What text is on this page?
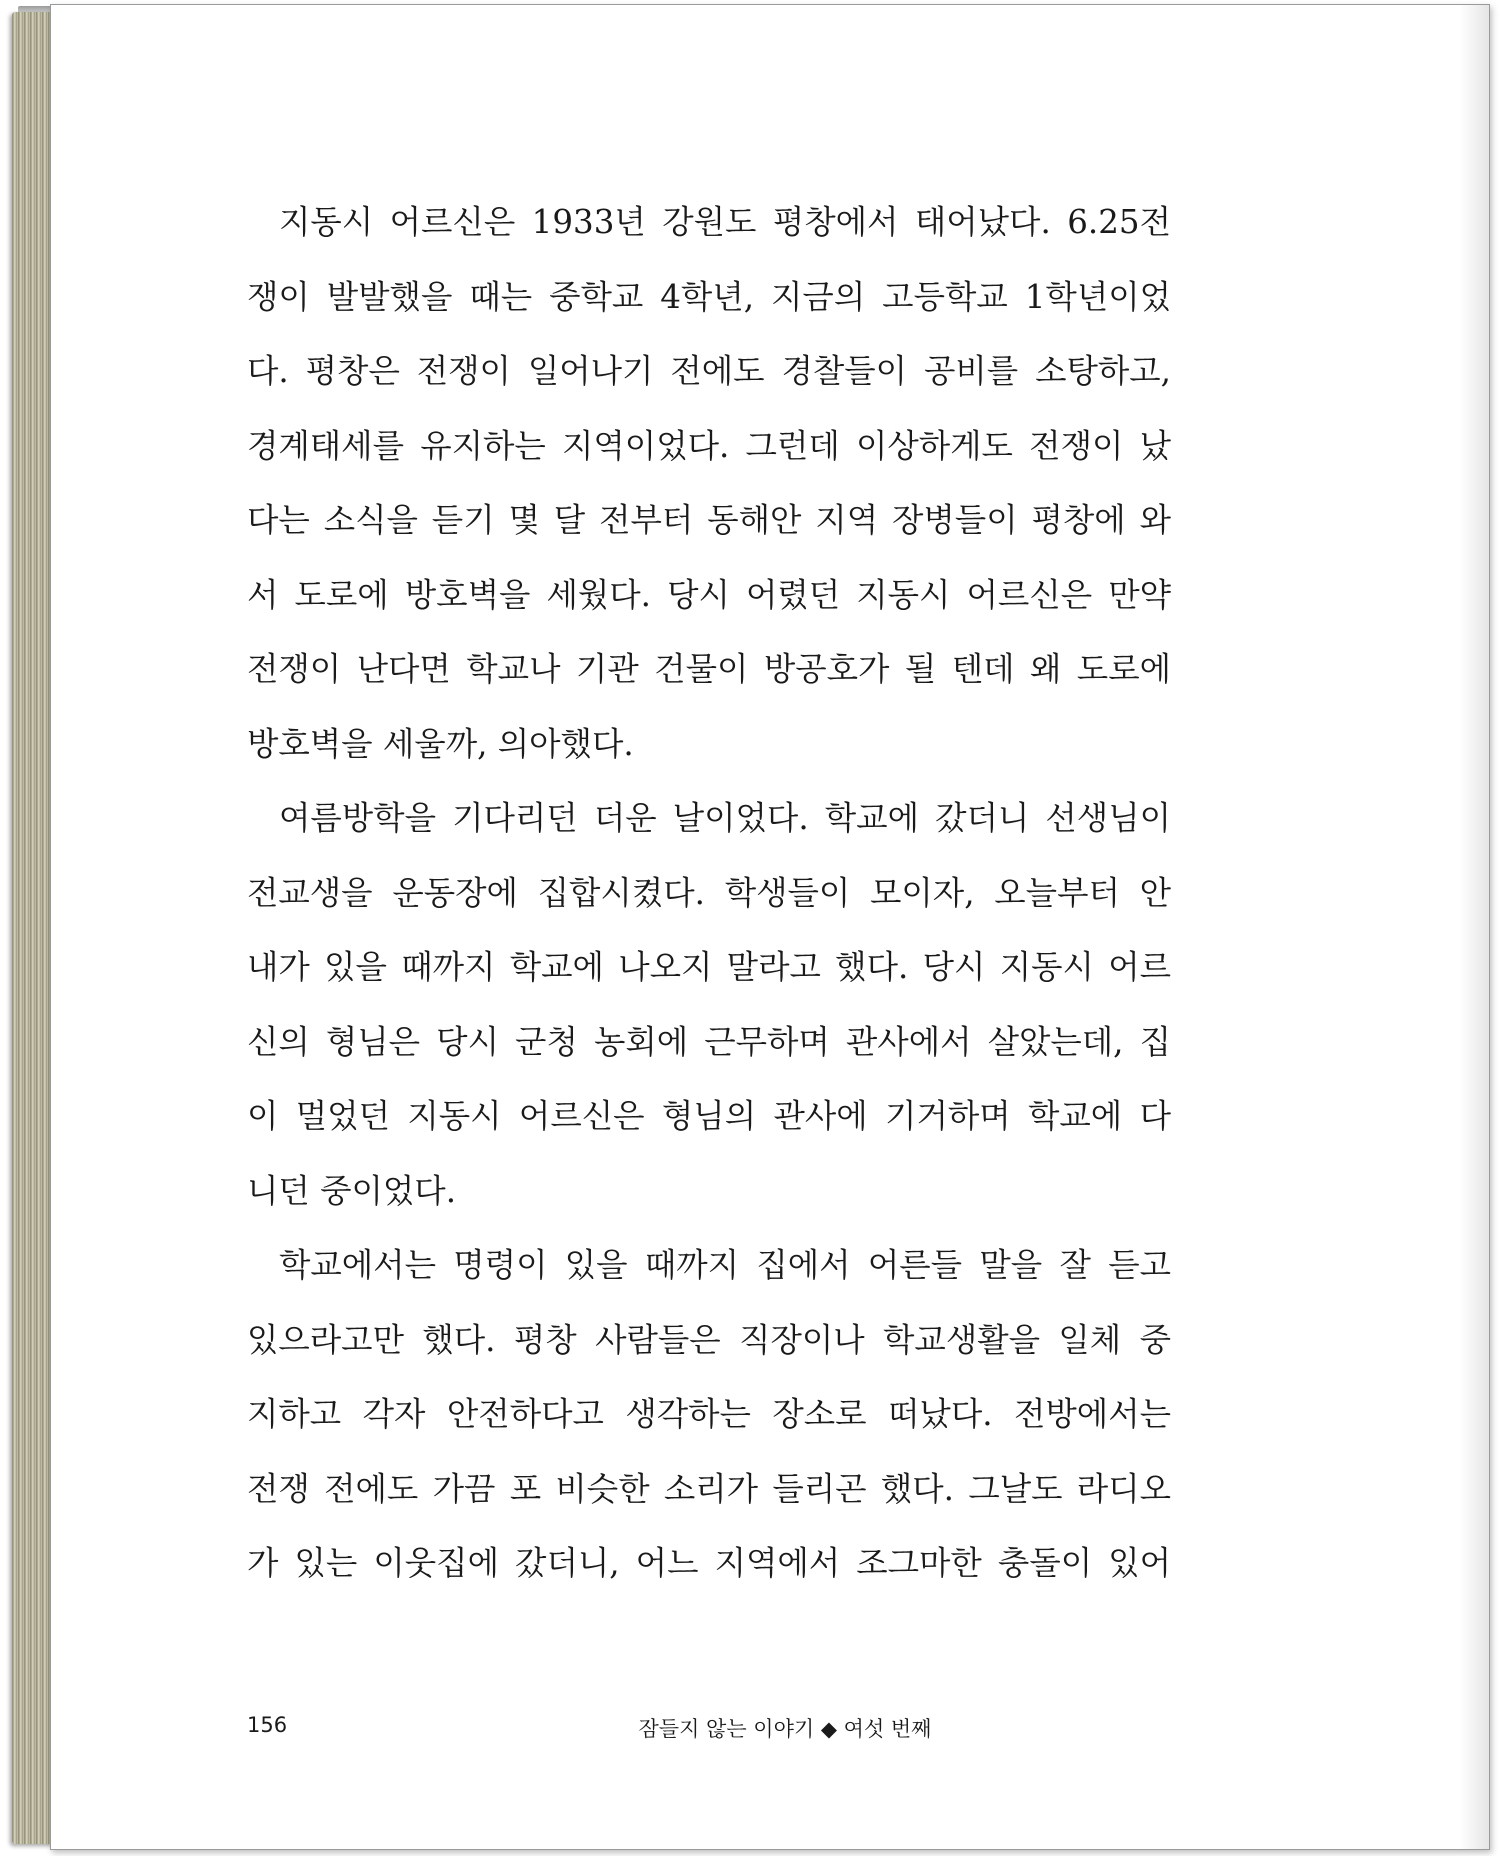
지동시 어르신은 1933년 강원도 평창에서 태어났다. 6.25전
쟁이 발발했을 때는 중학교 4학년, 지금의 고등학교 1학년이었
다. 평창은 전쟁이 일어나기 전에도 경찰들이 공비를 소탕하고,
경계태세를 유지하는 지역이었다. 그런데 이상하게도 전쟁이 났
다는 소식을 듣기 몇 달 전부터 동해안 지역 장병들이 평창에 와
서 도로에 방호벽을 세웠다. 당시 어렸던 지동시 어르신은 만약
전쟁이 난다면 학교나 기관 건물이 방공호가 될 텐데 왜 도로에
방호벽을 세울까, 의아했다.
여름방학을 기다리던 더운 날이었다. 학교에 갔더니 선생님이
전교생을 운동장에 집합시켰다. 학생들이 모이자, 오늘부터 안
내가 있을 때까지 학교에 나오지 말라고 했다. 당시 지동시 어르
신의 형님은 당시 군청 농회에 근무하며 관사에서 살았는데, 집
이 멀었던 지동시 어르신은 형님의 관사에 기거하며 학교에 다
니던 중이었다.
학교에서는 명령이 있을 때까지 집에서 어른들 말을 잘 듣고
있으라고만 했다. 평창 사람들은 직장이나 학교생활을 일체 중
지하고 각자 안전하다고 생각하는 장소로 떠났다. 전방에서는
전쟁 전에도 가끔 포 비슷한 소리가 들리곤 했다. 그날도 라디오
가 있는 이웃집에 갔더니, 어느 지역에서 조그마한 충돌이 있어
156	잠들지 않는 이야기 ◆ 여섯 번째
